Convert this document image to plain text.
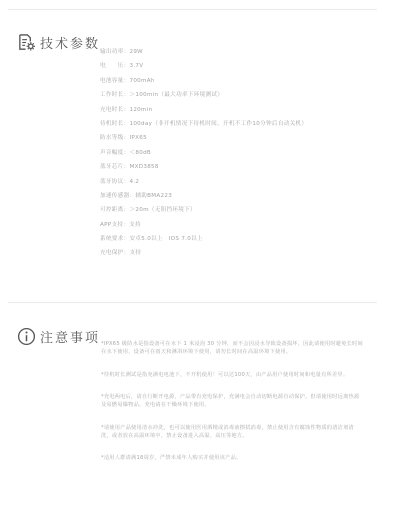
技术参数 输出功率：29W
电　　压：3.7V
电池容量：700mAh
工作时长：＞100min（最大功率下环境测试）
充电时长：120min
待机时长：100day（非开机情况下待机时间，开机不工作10分钟后自动关机）
防水等级：IPX65
声音幅度：＜80dB
蓝牙芯片：MXD3858
蓝牙协议：4.2
加速传感器：辅助BMA223
可控距离：＞20m（无阻挡环境下）
APP支持：支持
系统要求：安卓5.0以上　IOS 7.0以上
充电保护：支持
注意事项 *IPX65 级防水是指设备可在水下 1 米浸泡 30 分钟，而不会因浸水导致设备损坏，因此请使用时避免长时间在水下使用，设备可在雨天和淋浴环境下使用，请勿长时间在高温环境下使用。
*待机时长测试是指充满电电池下，不开机使用！可以达100天，由产品用户使用时间和电量有所差异。
*充电两电后，请自行断开电源，产品带有充电保护，充满电会自动切断电源自动保护。但请使用时远离热源及易燃易爆物品，充电请在干燥环境下使用。
*请使用产品使用清水冲洗，也可以使用医用酒精或消毒液擦拭消毒，禁止使用含有腐蚀性物质的清洁剂清洗，或者放在高温环境中，禁止设备进入高温、高压等地方。
*适用人群请满18周岁，严禁未成年人购买并使用该产品。
